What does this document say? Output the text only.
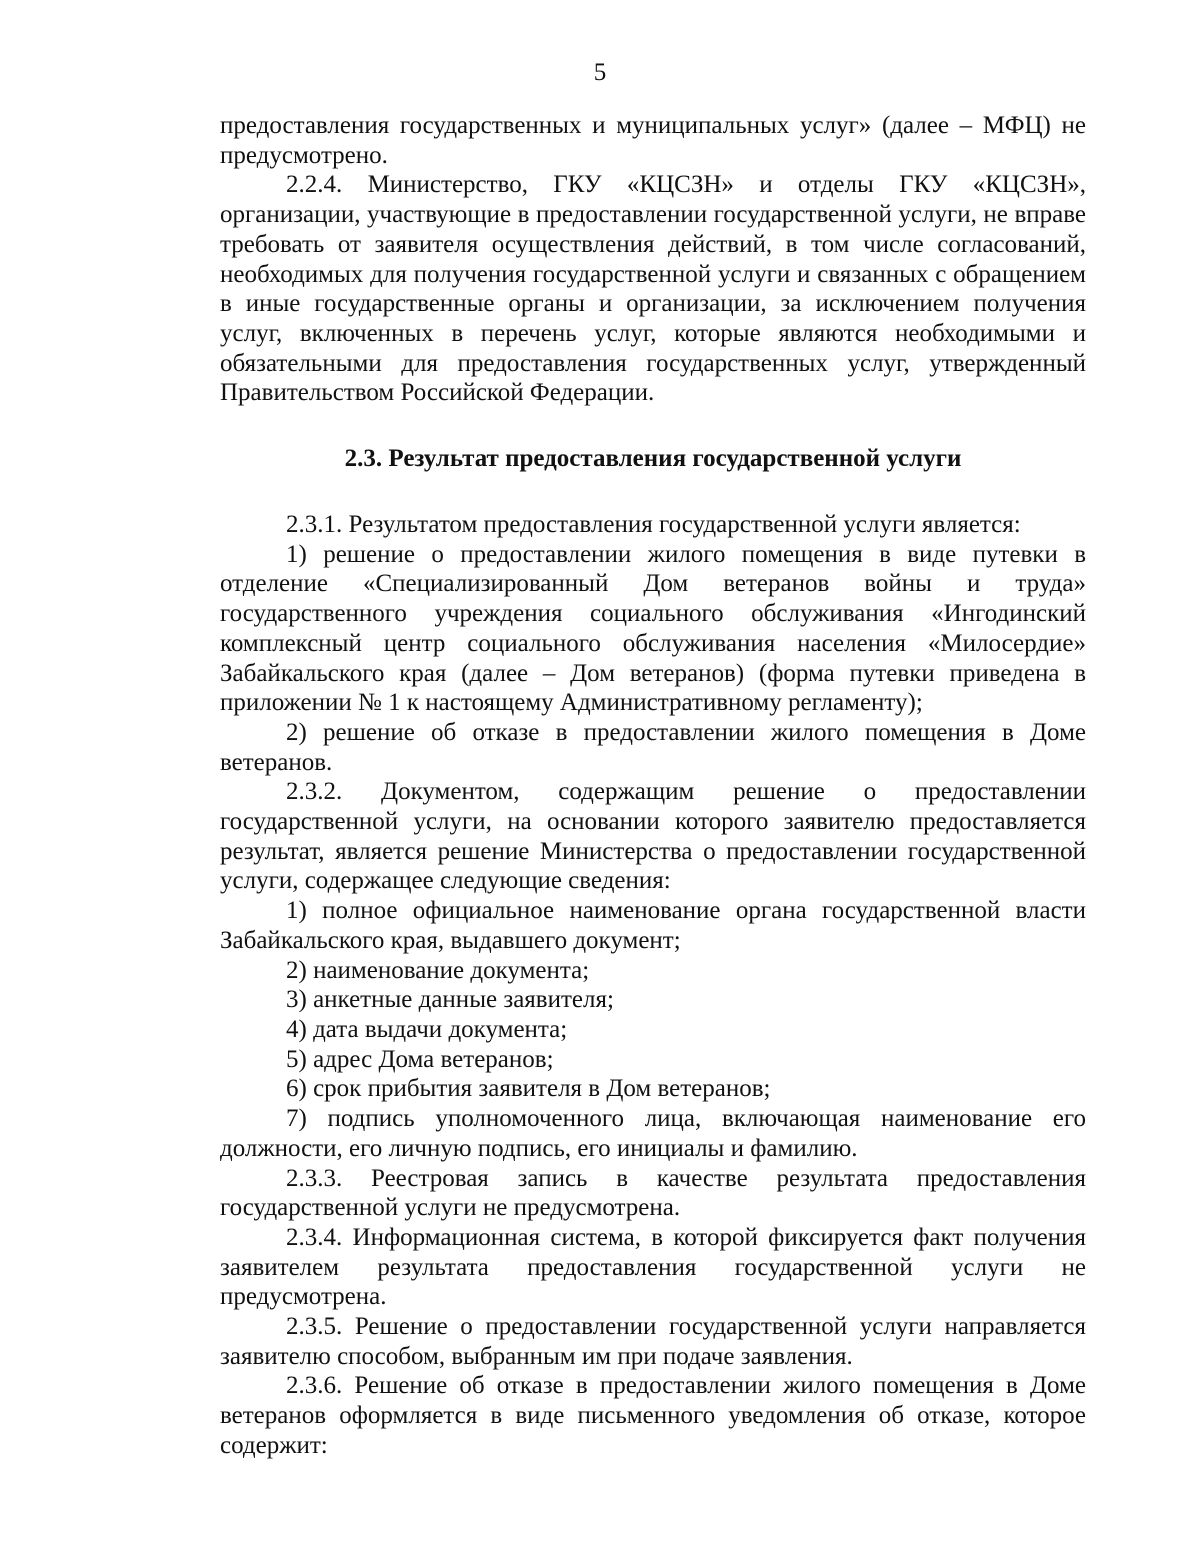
5

предоставления государственных и муниципальных услуг» (далее – МФЦ) не предусмотрено.

2.2.4. Министерство, ГКУ «КЦСЗН» и отделы ГКУ «КЦСЗН», организации, участвующие в предоставлении государственной услуги, не вправе требовать от заявителя осуществления действий, в том числе согласований, необходимых для получения государственной услуги и связанных с обращением в иные государственные органы и организации, за исключением получения услуг, включенных в перечень услуг, которые являются необходимыми и обязательными для предоставления государственных услуг, утвержденный Правительством Российской Федерации.

2.3. Результат предоставления государственной услуги

2.3.1. Результатом предоставления государственной услуги является:

1) решение о предоставлении жилого помещения в виде путевки в отделение «Специализированный Дом ветеранов войны и труда» государственного учреждения социального обслуживания «Ингодинский комплексный центр социального обслуживания населения «Милосердие» Забайкальского края (далее – Дом ветеранов) (форма путевки приведена в приложении № 1 к настоящему Административному регламенту);

2) решение об отказе в предоставлении жилого помещения в Доме ветеранов.

2.3.2. Документом, содержащим решение о предоставлении государственной услуги, на основании которого заявителю предоставляется результат, является решение Министерства о предоставлении государственной услуги, содержащее следующие сведения:

1) полное официальное наименование органа государственной власти Забайкальского края, выдавшего документ;

2) наименование документа;

3) анкетные данные заявителя;

4) дата выдачи документа;

5) адрес Дома ветеранов;

6) срок прибытия заявителя в Дом ветеранов;

7) подпись уполномоченного лица, включающая наименование его должности, его личную подпись, его инициалы и фамилию.

2.3.3. Реестровая запись в качестве результата предоставления государственной услуги не предусмотрена.

2.3.4. Информационная система, в которой фиксируется факт получения заявителем результата предоставления государственной услуги не предусмотрена.

2.3.5. Решение о предоставлении государственной услуги направляется заявителю способом, выбранным им при подаче заявления.

2.3.6. Решение об отказе в предоставлении жилого помещения в Доме ветеранов оформляется в виде письменного уведомления об отказе, которое содержит:
